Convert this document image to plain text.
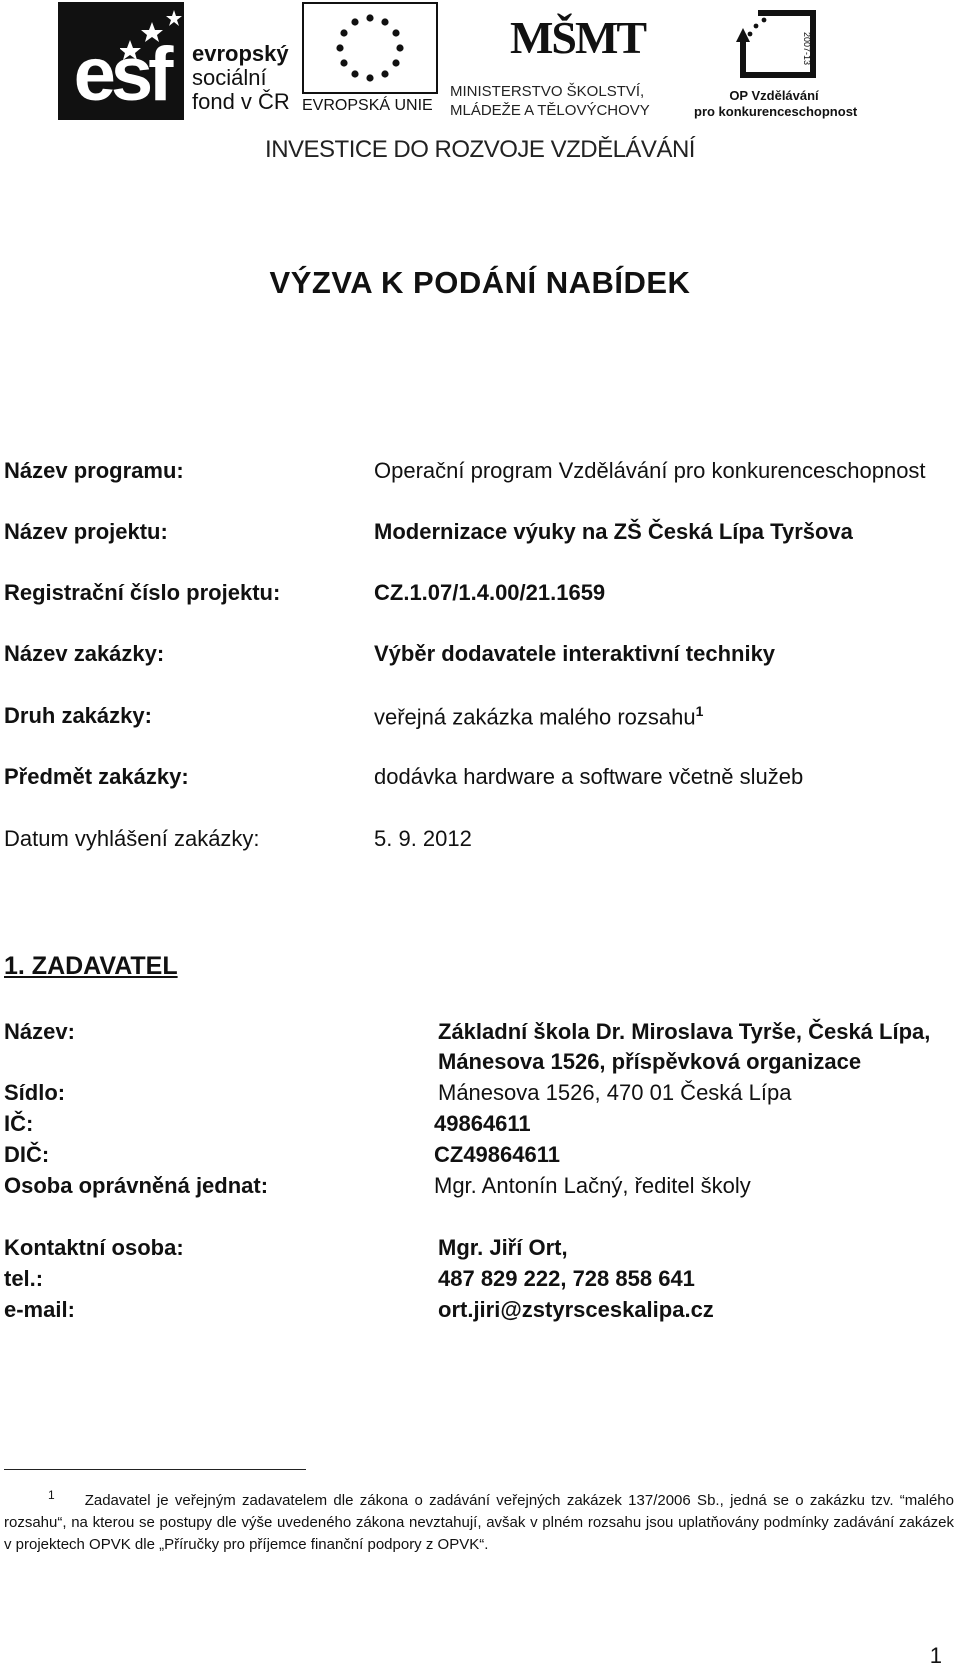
esf	evropský
sociální
fond v ČR EVROPSKÁ UNIE
MŠMT
MINISTERSTVO ŠKOLSTVÍ,
MLÁDEŽE A TĚLOVÝCHOVY
2007-13
OP Vzdělávání
pro konkurenceschopnost
INVESTICE DO ROZVOJE VZDĚLÁVÁNÍ
VÝZVA K PODÁNÍ NABÍDEK
Název programu:	Operační program Vzdělávání pro konkurenceschopnost
Název projektu:	Modernizace výuky na ZŠ Česká Lípa Tyršova
Registrační číslo projektu:	CZ.1.07/1.4.00/21.1659
Název zakázky:	Výběr dodavatele interaktivní techniky
Druh zakázky:	veřejná zakázka malého rozsahu$^1$
Předmět zakázky:	dodávka hardware a software včetně služeb
Datum vyhlášení zakázky:	5. 9. 2012
1. ZADAVATEL
Název:	Základní škola Dr. Miroslava Tyrše, Česká Lípa,
Mánesova 1526, příspěvková organizace
Sídlo:	Mánesova 1526, 470 01 Česká Lípa
IČ:	49864611
DIČ:	CZ49864611
Osoba oprávněná jednat:	Mgr. Antonín Lačný, ředitel školy
Kontaktní osoba:	Mgr. Jiří Ort,
tel.:	487 829 222, 728 858 641
e-mail:	ort.jiri@zstyrsceskalipa.cz
$^1$ Zadavatel je veřejným zadavatelem dle zákona o zadávání veřejných zakázek 137/2006 Sb., jedná se o zakázku tzv. “malého rozsahu“, na kterou se postupy dle výše uvedeného zákona nevztahují, avšak v plném rozsahu jsou uplatňovány podmínky zadávání zakázek v projektech OPVK dle „Příručky pro příjemce finanční podpory z OPVK“.
1
